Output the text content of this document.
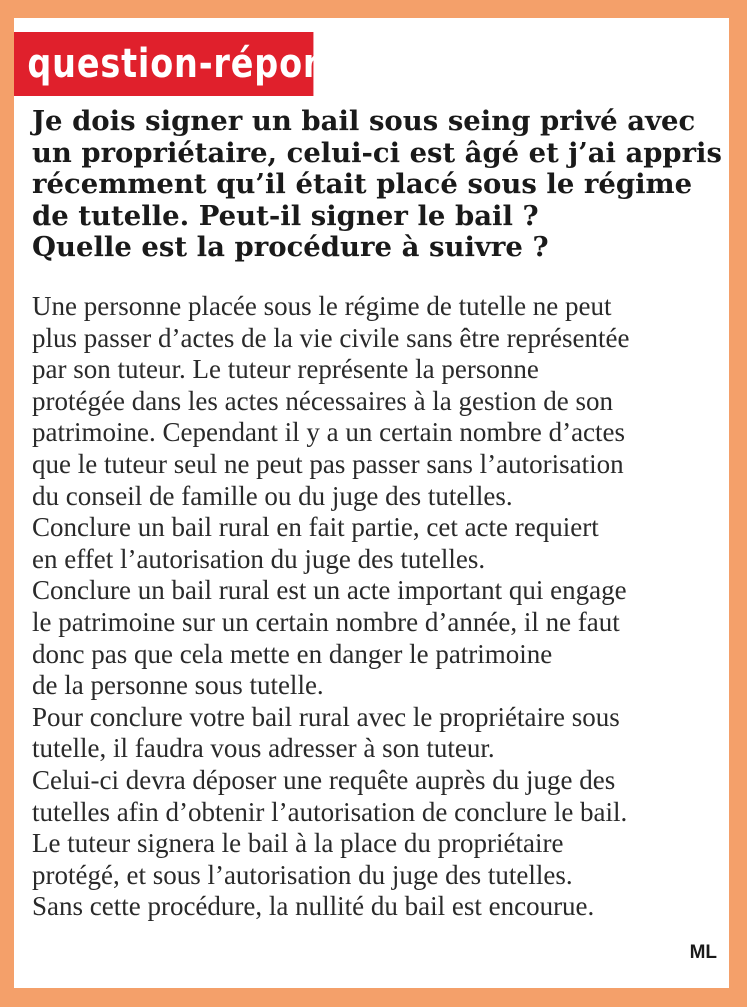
question-réponse
Je dois signer un bail sous seing privé avec
un propriétaire, celui-ci est âgé et j’ai appris
récemment qu’il était placé sous le régime
de tutelle. Peut-il signer le bail ?
Quelle est la procédure à suivre ?
Une personne placée sous le régime de tutelle ne peut
plus passer d’actes de la vie civile sans être représentée
par son tuteur. Le tuteur représente la personne
protégée dans les actes nécessaires à la gestion de son
patrimoine. Cependant il y a un certain nombre d’actes
que le tuteur seul ne peut pas passer sans l’autorisation
du conseil de famille ou du juge des tutelles.
Conclure un bail rural en fait partie, cet acte requiert
en effet l’autorisation du juge des tutelles.
Conclure un bail rural est un acte important qui engage
le patrimoine sur un certain nombre d’année, il ne faut
donc pas que cela mette en danger le patrimoine
de la personne sous tutelle.
Pour conclure votre bail rural avec le propriétaire sous
tutelle, il faudra vous adresser à son tuteur.
Celui-ci devra déposer une requête auprès du juge des
tutelles afin d’obtenir l’autorisation de conclure le bail.
Le tuteur signera le bail à la place du propriétaire
protégé, et sous l’autorisation du juge des tutelles.
Sans cette procédure, la nullité du bail est encourue.
ML
